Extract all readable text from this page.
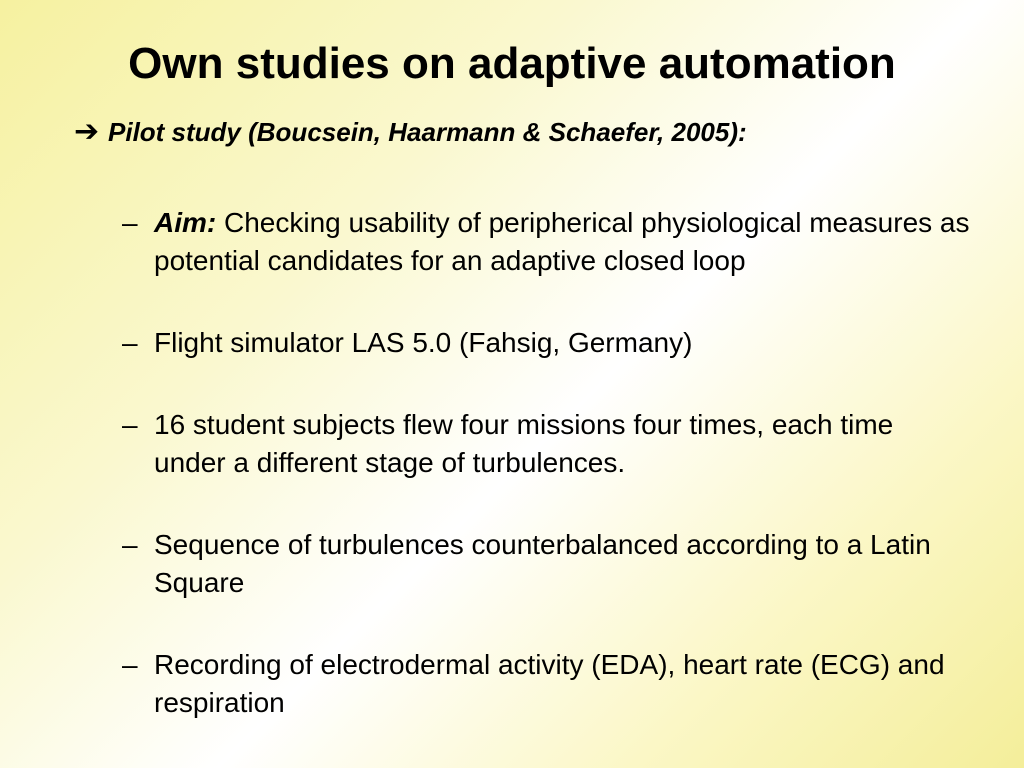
Own studies on adaptive automation
➔ Pilot study (Boucsein, Haarmann & Schaefer, 2005):
– Aim: Checking usability of peripherical physiological measures as potential candidates for an adaptive closed loop
– Flight simulator LAS 5.0 (Fahsig, Germany)
– 16 student subjects flew four missions four times, each time under a different stage of turbulences.
– Sequence of turbulences counterbalanced according to a Latin Square
– Recording of electrodermal activity (EDA), heart rate (ECG) and respiration
